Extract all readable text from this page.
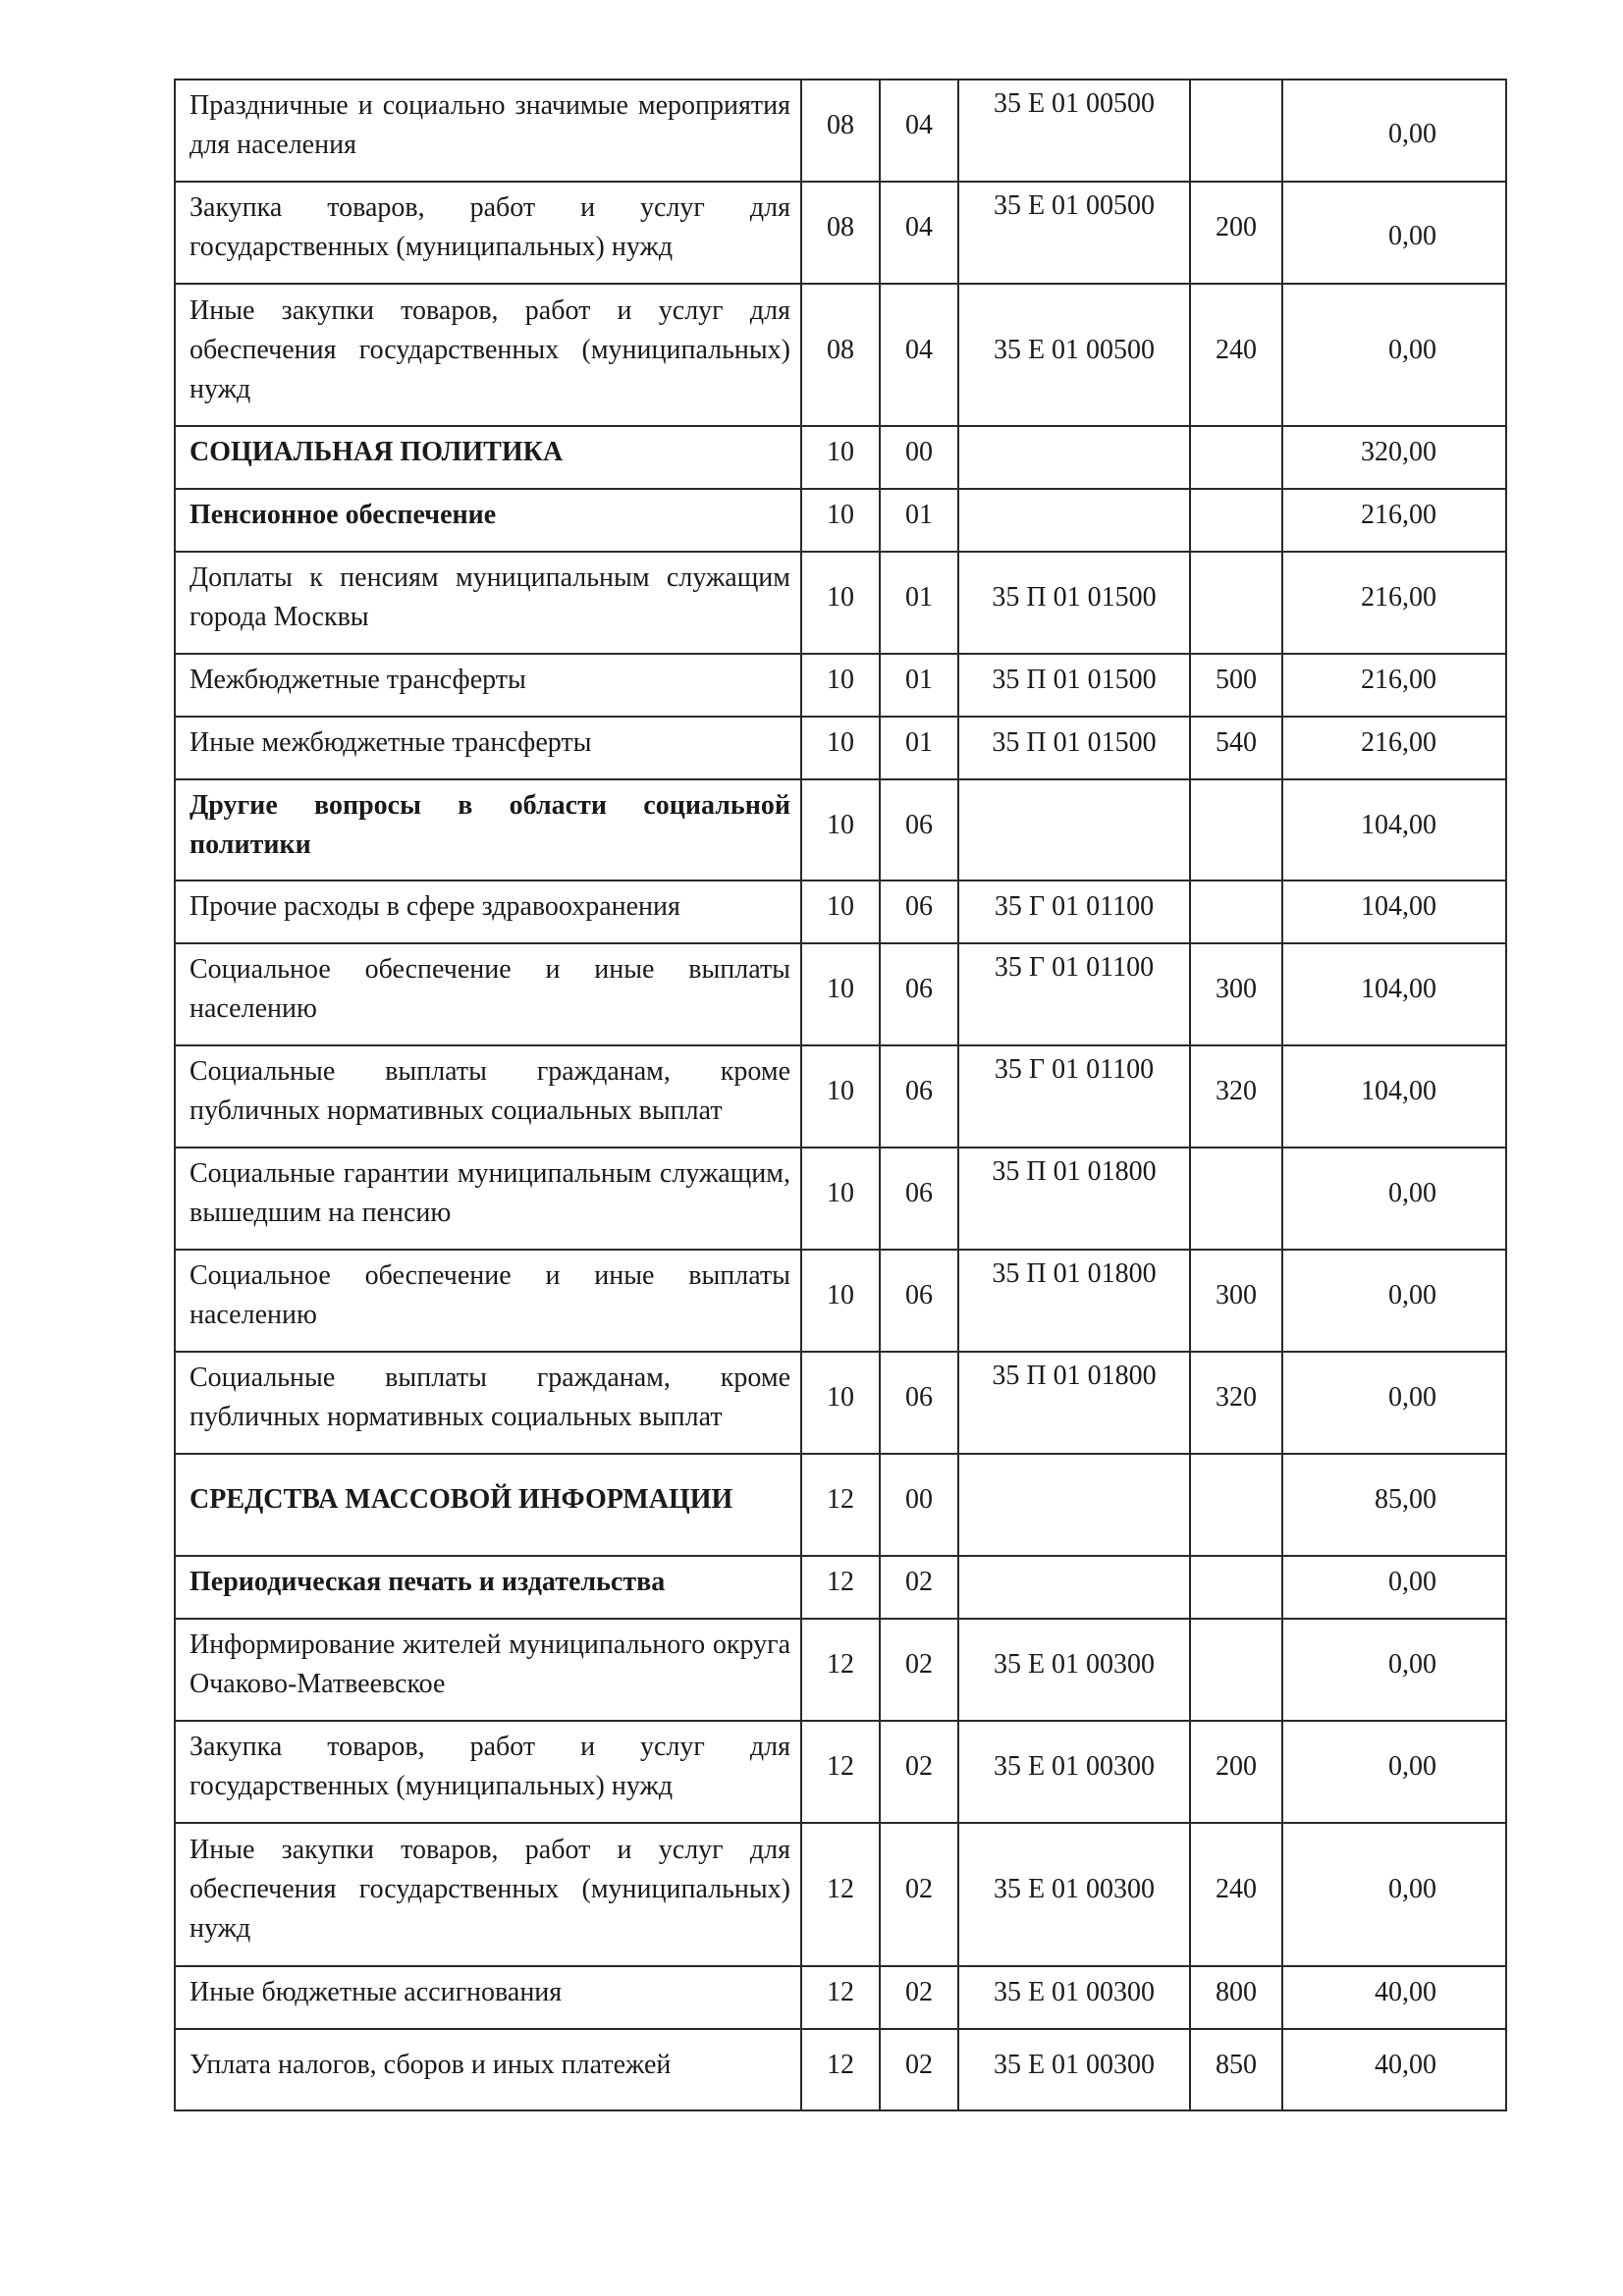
Праздничные и социально значимые мероприятия для населения	08	04	35 Е 01 00500		0,00
Закупка товаров, работ и услуг для государственных (муниципальных) нужд	08	04	35 Е 01 00500	200	0,00
Иные закупки товаров, работ и услуг для обеспечения государственных (муниципальных) нужд	08	04	35 Е 01 00500	240	0,00
СОЦИАЛЬНАЯ ПОЛИТИКА	10	00			320,00
Пенсионное обеспечение	10	01			216,00
Доплаты к пенсиям муниципальным служащим города Москвы	10	01	35 П 01 01500		216,00
Межбюджетные трансферты	10	01	35 П 01 01500	500	216,00
Иные межбюджетные трансферты	10	01	35 П 01 01500	540	216,00
Другие вопросы в области социальной политики	10	06			104,00
Прочие расходы в сфере здравоохранения	10	06	35 Г 01 01100		104,00
Социальное обеспечение и иные выплаты населению	10	06	35 Г 01 01100	300	104,00
Социальные выплаты гражданам, кроме публичных нормативных социальных выплат	10	06	35 Г 01 01100	320	104,00
Социальные гарантии муниципальным служащим, вышедшим на пенсию	10	06	35 П 01 01800		0,00
Социальное обеспечение и иные выплаты населению	10	06	35 П 01 01800	300	0,00
Социальные выплаты гражданам, кроме публичных нормативных социальных выплат	10	06	35 П 01 01800	320	0,00
СРЕДСТВА МАССОВОЙ ИНФОРМАЦИИ	12	00			85,00
Периодическая печать и издательства	12	02			0,00
Информирование жителей муниципального округа Очаково-Матвеевское	12	02	35 Е 01 00300		0,00
Закупка товаров, работ и услуг для государственных (муниципальных) нужд	12	02	35 Е 01 00300	200	0,00
Иные закупки товаров, работ и услуг для обеспечения государственных (муниципальных) нужд	12	02	35 Е 01 00300	240	0,00
Иные бюджетные ассигнования	12	02	35 Е 01 00300	800	40,00
Уплата налогов, сборов и иных платежей	12	02	35 Е 01 00300	850	40,00
